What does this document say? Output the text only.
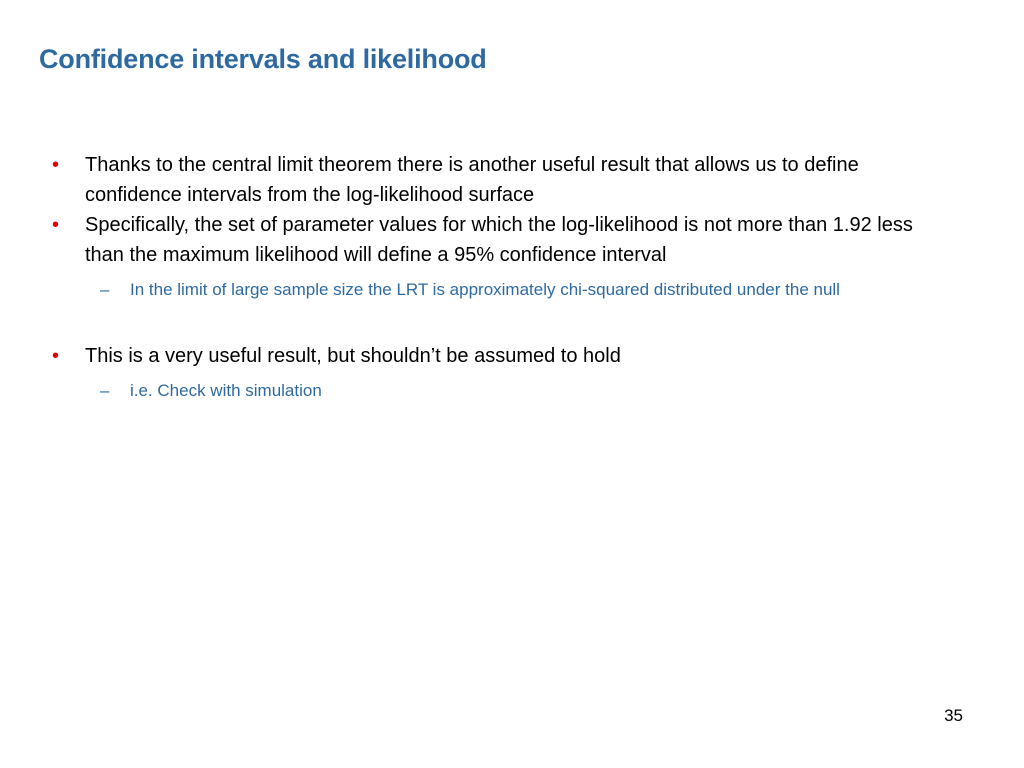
Confidence intervals and likelihood
• Thanks to the central limit theorem there is another useful result that allows us to define confidence intervals from the log-likelihood surface
• Specifically, the set of parameter values for which the log-likelihood is not more than 1.92 less than the maximum likelihood will define a 95% confidence interval
– In the limit of large sample size the LRT is approximately chi-squared distributed under the null
• This is a very useful result, but shouldn’t be assumed to hold
– i.e. Check with simulation
35
